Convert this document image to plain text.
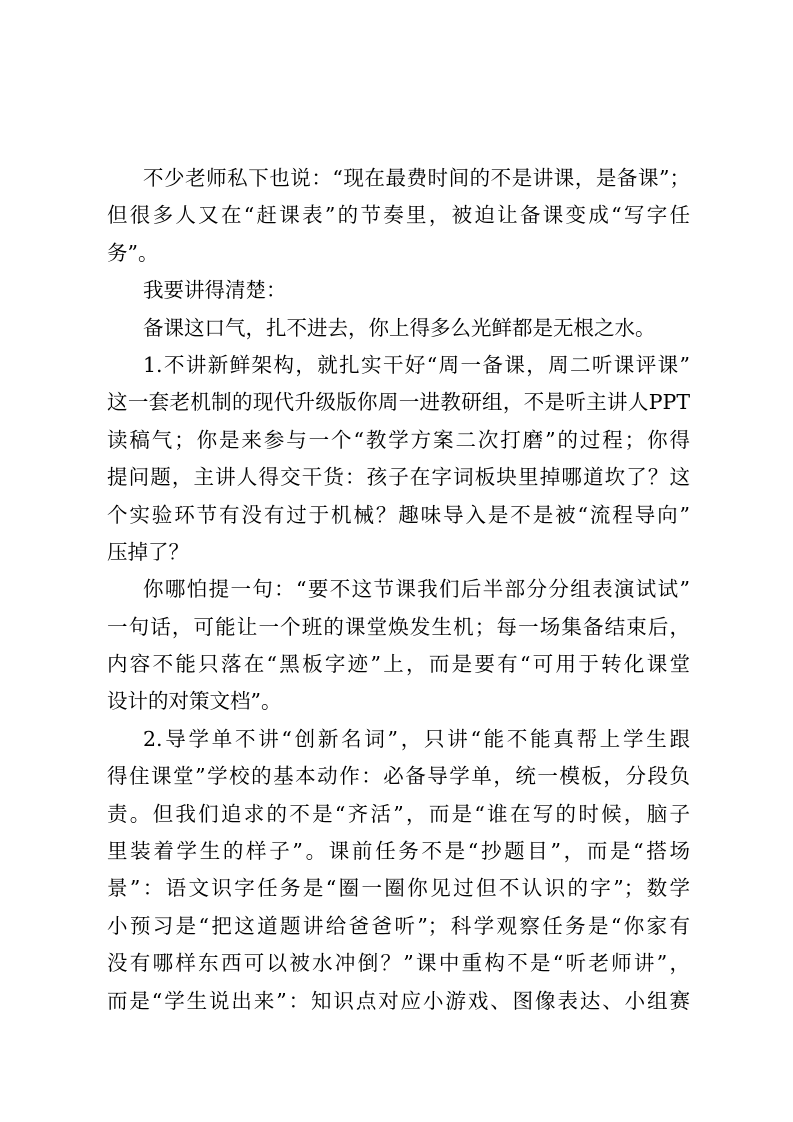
不少老师私下也说：“现在最费时间的不是讲课，是备课”；
但很多人又在“赶课表”的节奏里，被迫让备课变成“写字任
务”。
我要讲得清楚：
备课这口气，扎不进去，你上得多么光鲜都是无根之水。
1.不讲新鲜架构，就扎实干好“周一备课，周二听课评课”
这一套老机制的现代升级版你周一进教研组，不是听主讲人PPT
读稿气；你是来参与一个“教学方案二次打磨”的过程；你得
提问题，主讲人得交干货：孩子在字词板块里掉哪道坎了？这
个实验环节有没有过于机械？趣味导入是不是被“流程导向”
压掉了？
你哪怕提一句：“要不这节课我们后半部分分组表演试试”
一句话，可能让一个班的课堂焕发生机；每一场集备结束后，
内容不能只落在“黑板字迹”上，而是要有“可用于转化课堂
设计的对策文档”。
2.导学单不讲“创新名词”，只讲“能不能真帮上学生跟
得住课堂”学校的基本动作：必备导学单，统一模板，分段负
责。但我们追求的不是“齐活”，而是“谁在写的时候，脑子
里装着学生的样子”。课前任务不是“抄题目”，而是“搭场
景”：语文识字任务是“圈一圈你见过但不认识的字”；数学
小预习是“把这道题讲给爸爸听”；科学观察任务是“你家有
没有哪样东西可以被水冲倒？”课中重构不是“听老师讲”，
而是“学生说出来”：知识点对应小游戏、图像表达、小组赛
